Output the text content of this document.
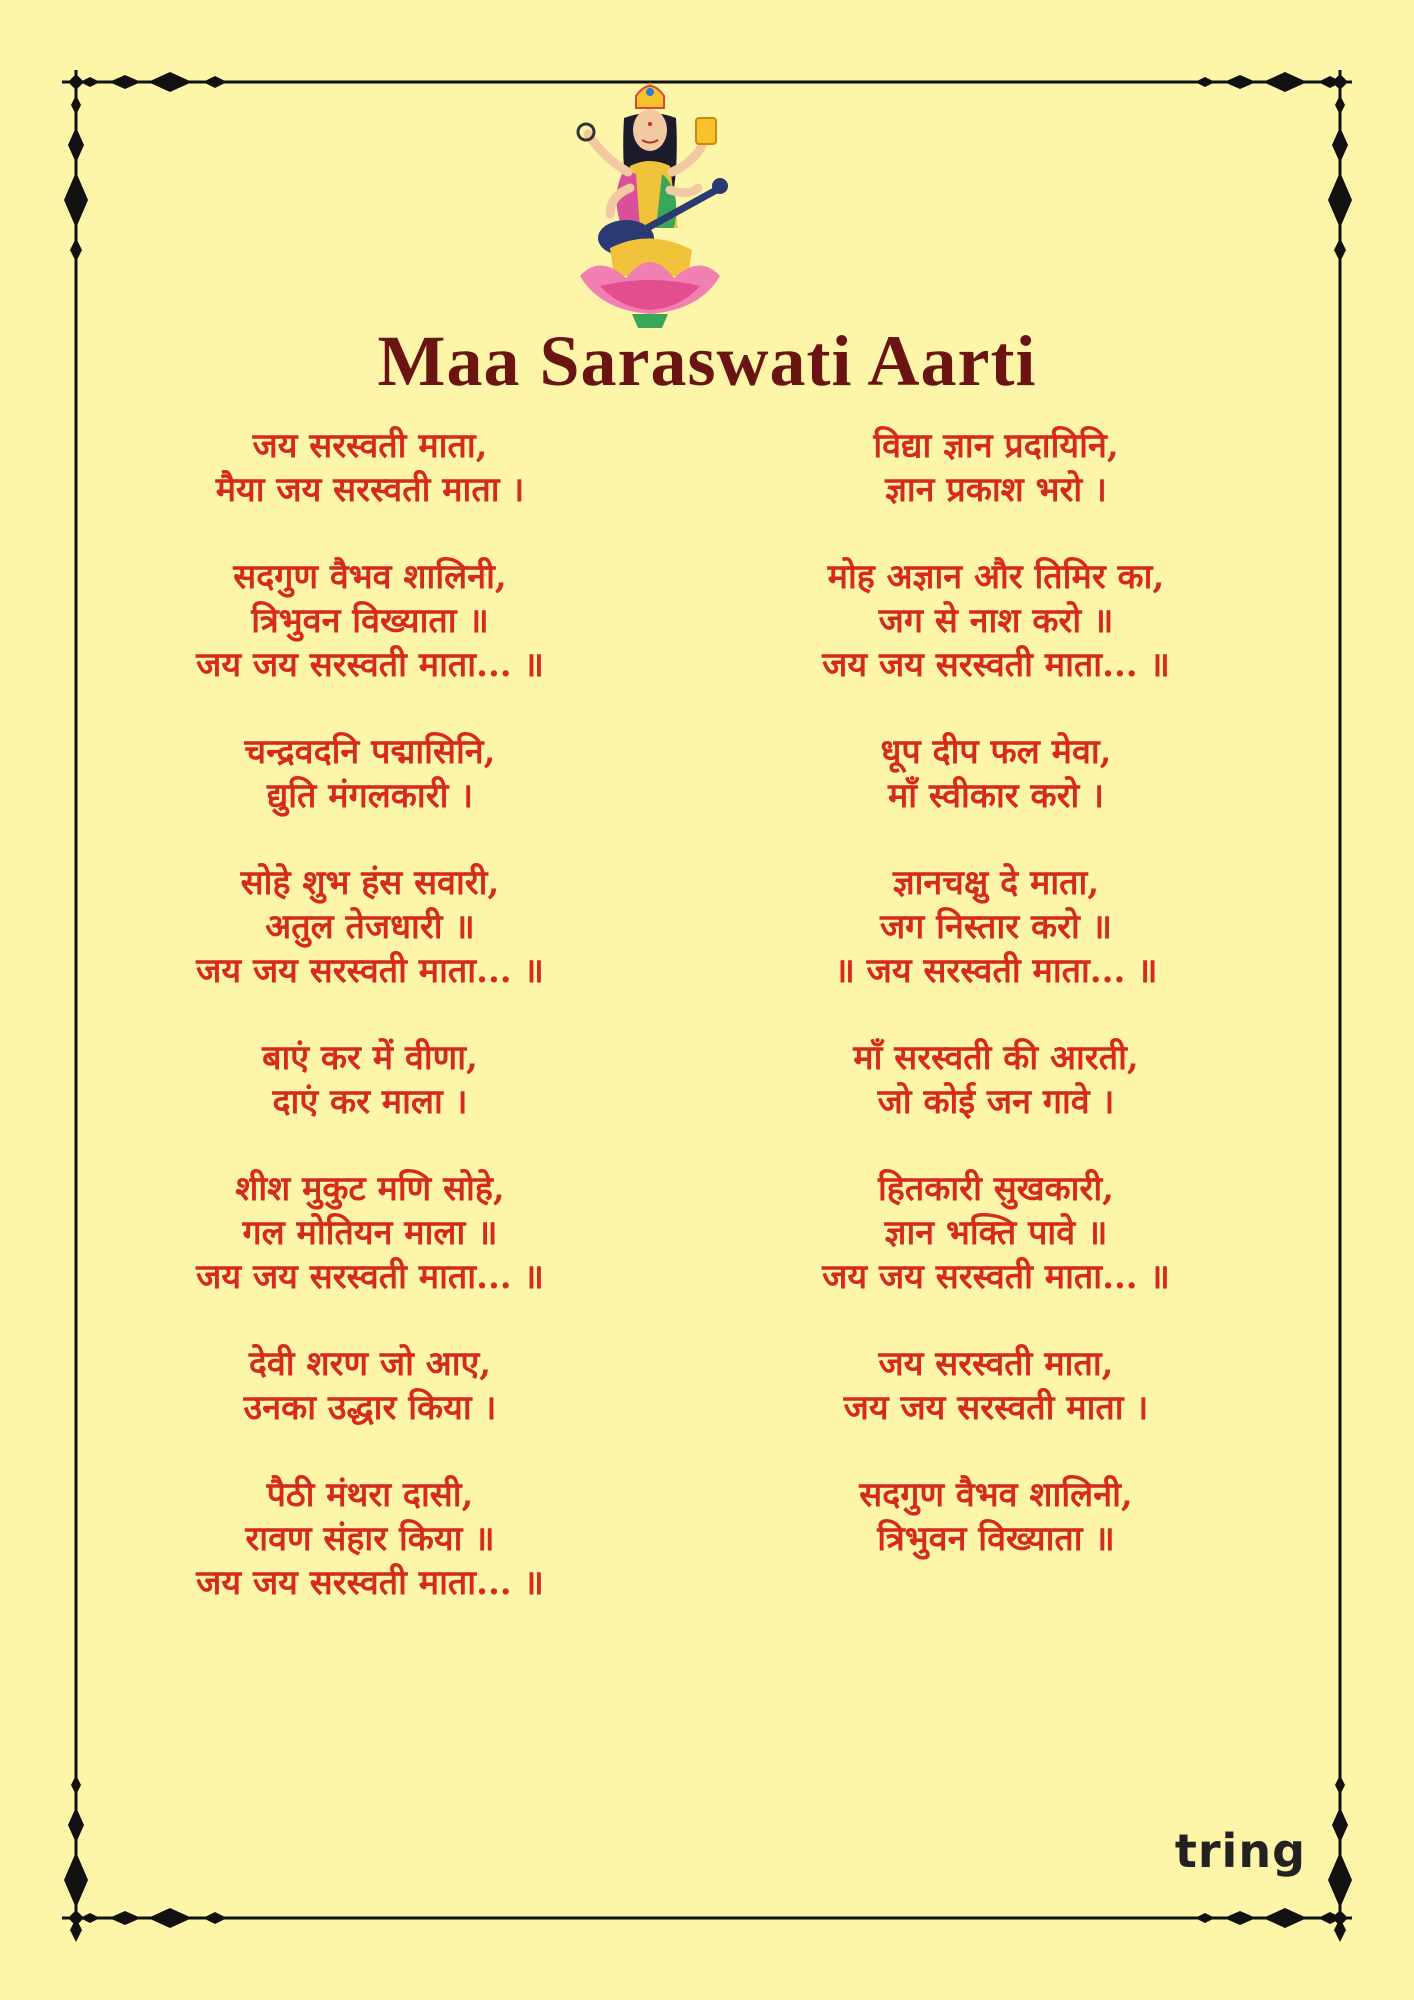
Maa Saraswati Aarti
जय सरस्वती माता,
मैया जय सरस्वती माता ।
सदगुण वैभव शालिनी,
त्रिभुवन विख्याता ॥
जय जय सरस्वती माता... ॥
चन्द्रवदनि पद्मासिनि,
द्युति मंगलकारी ।
सोहे शुभ हंस सवारी,
अतुल तेजधारी ॥
जय जय सरस्वती माता... ॥
बाएं कर में वीणा,
दाएं कर माला ।
शीश मुकुट मणि सोहे,
गल मोतियन माला ॥
जय जय सरस्वती माता... ॥
देवी शरण जो आए,
उनका उद्धार किया ।
पैठी मंथरा दासी,
रावण संहार किया ॥
जय जय सरस्वती माता... ॥
विद्या ज्ञान प्रदायिनि,
ज्ञान प्रकाश भरो ।
मोह अज्ञान और तिमिर का,
जग से नाश करो ॥
जय जय सरस्वती माता... ॥
धूप दीप फल मेवा,
माँ स्वीकार करो ।
ज्ञानचक्षु दे माता,
जग निस्तार करो ॥
॥ जय सरस्वती माता... ॥
माँ सरस्वती की आरती,
जो कोई जन गावे ।
हितकारी सुखकारी,
ज्ञान भक्ति पावे ॥
जय जय सरस्वती माता... ॥
जय सरस्वती माता,
जय जय सरस्वती माता ।
सदगुण वैभव शालिनी,
त्रिभुवन विख्याता ॥
tring
